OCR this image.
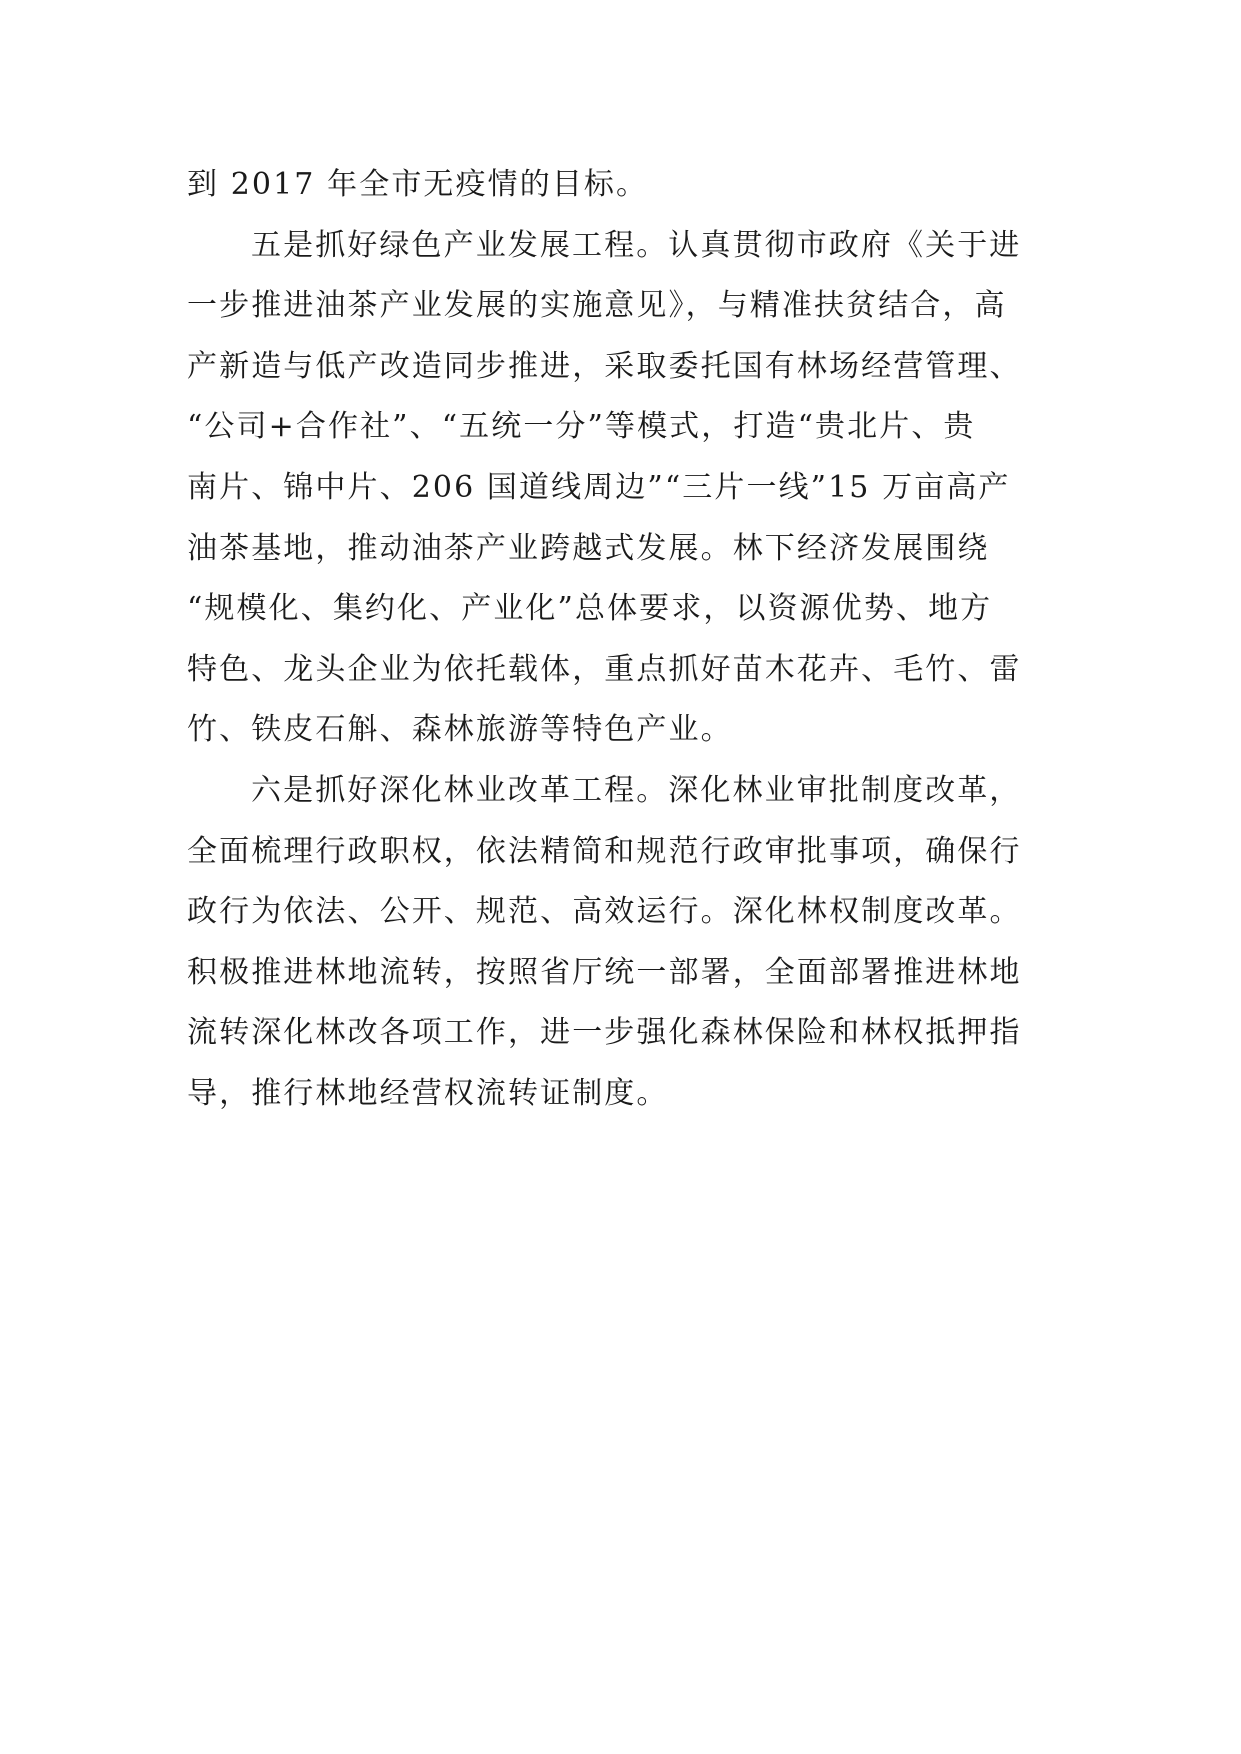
到 2017 年全市无疫情的目标。
五是抓好绿色产业发展工程。认真贯彻市政府《关于进
一步推进油茶产业发展的实施意见》，与精准扶贫结合，高
产新造与低产改造同步推进，采取委托国有林场经营管理、
“公司+合作社”、“五统一分”等模式，打造“贵北片、贵
南片、锦中片、206 国道线周边”“三片一线”15 万亩高产
油茶基地，推动油茶产业跨越式发展。林下经济发展围绕
“规模化、集约化、产业化”总体要求，以资源优势、地方
特色、龙头企业为依托载体，重点抓好苗木花卉、毛竹、雷
竹、铁皮石斛、森林旅游等特色产业。
六是抓好深化林业改革工程。深化林业审批制度改革，
全面梳理行政职权，依法精简和规范行政审批事项，确保行
政行为依法、公开、规范、高效运行。深化林权制度改革。
积极推进林地流转，按照省厅统一部署，全面部署推进林地
流转深化林改各项工作，进一步强化森林保险和林权抵押指
导，推行林地经营权流转证制度。
